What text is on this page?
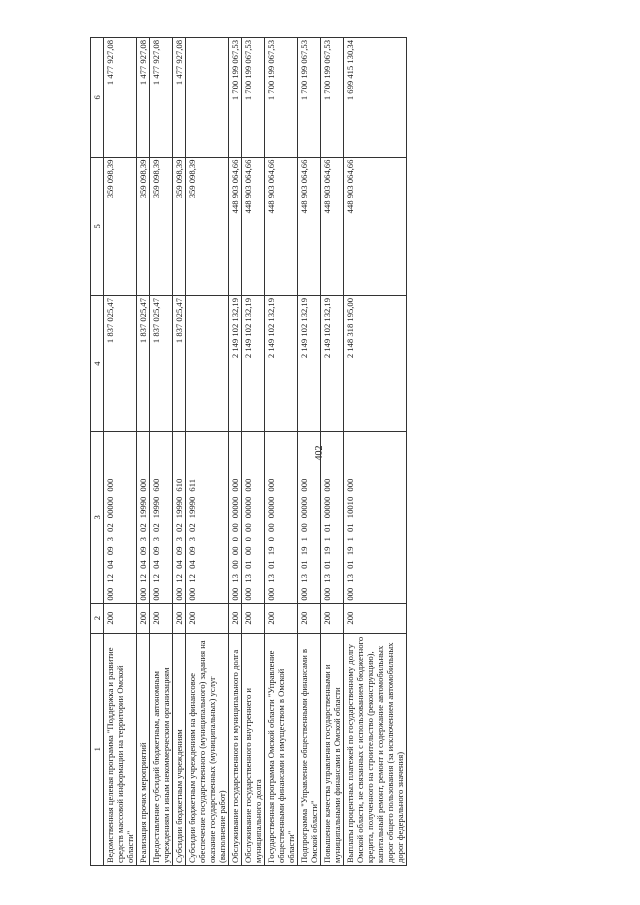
402
1	2	3	4	5	6
Ведомственная целевая программа "Поддержка и развитие средств массовой информации на территории Омской области"	200	000 12 04 09 3 02 00000 000	1 837 025,47	359 098,39	1 477 927,08
Реализация прочих мероприятий	200	000 12 04 09 3 02 19990 000	1 837 025,47	359 098,39	1 477 927,08
Предоставление субсидий бюджетным, автономным учреждениям и иным некоммерческим организациям	200	000 12 04 09 3 02 19990 600	1 837 025,47	359 098,39	1 477 927,08
Субсидии бюджетным учреждениям	200	000 12 04 09 3 02 19990 610	1 837 025,47	359 098,39	1 477 927,08
Субсидии бюджетным учреждениям на финансовое обеспечение государственного (муниципального) задания на оказание государственных (муниципальных) услуг (выполнение работ)	200	000 12 04 09 3 02 19990 611		359 098,39	
Обслуживание государственного и муниципального долга	200	000 13 00 00 0 00 00000 000	2 149 102 132,19	448 903 064,66	1 700 199 067,53
Обслуживание государственного внутреннего и муниципального долга	200	000 13 01 00 0 00 00000 000	2 149 102 132,19	448 903 064,66	1 700 199 067,53
Государственная программа Омской области "Управление общественными финансами и имуществом в Омской области"	200	000 13 01 19 0 00 00000 000	2 149 102 132,19	448 903 064,66	1 700 199 067,53
Подпрограмма "Управление общественными финансами в Омской области"	200	000 13 01 19 1 00 00000 000	2 149 102 132,19	448 903 064,66	1 700 199 067,53
Повышение качества управления государственными и муниципальными финансами в Омской области	200	000 13 01 19 1 01 00000 000	2 149 102 132,19	448 903 064,66	1 700 199 067,53
Выплаты процентных платежей по государственному долгу Омской области, не связанных с использованием бюджетного кредита, полученного на строительство (реконструкцию), капитальный ремонт, ремонт и содержание автомобильных дорог общего пользования (за исключением автомобильных дорог федерального значения)	200	000 13 01 19 1 01 10010 000	2 148 318 195,00	448 903 064,66	1 699 415 130,34
